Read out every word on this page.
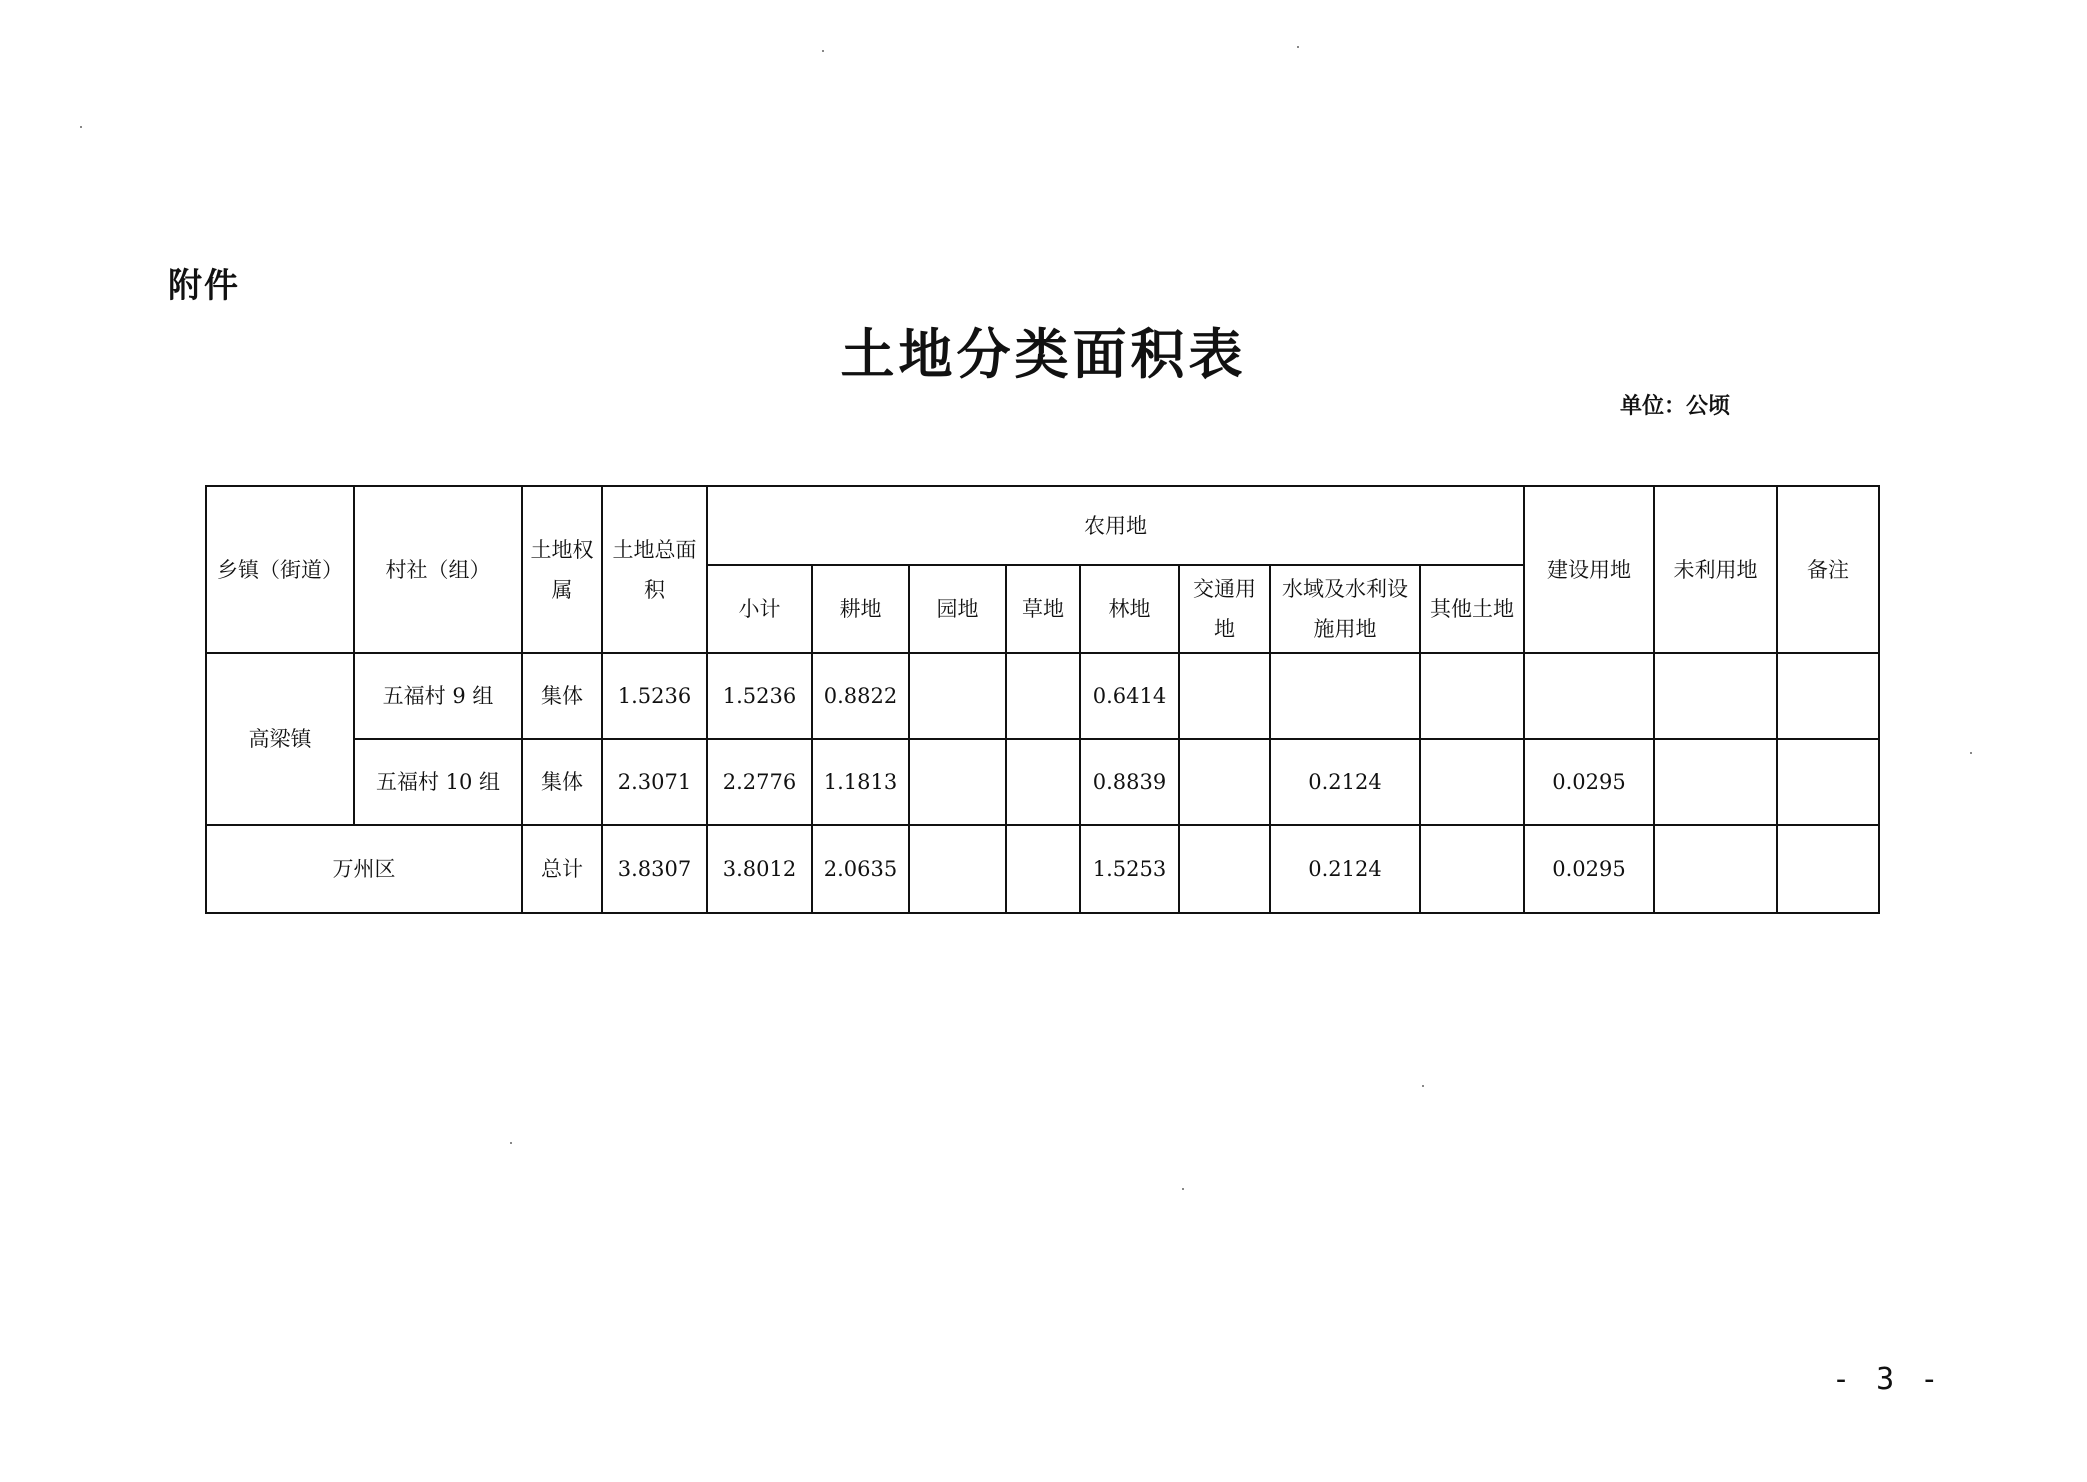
附件
土地分类面积表
单位：公顷
乡镇（街道）	村社（组）	土地权属	土地总面积	农用地								建设用地	未利用地	备注
				小计	耕地	园地	草地	林地	交通用地	水域及水利设施用地	其他土地			
高梁镇	五福村 9 组	集体	1.5236	1.5236	0.8822			0.6414						
	五福村 10 组	集体	2.3071	2.2776	1.1813			0.8839		0.2124		0.0295		
万州区		总计	3.8307	3.8012	2.0635			1.5253		0.2124		0.0295		
- 3 -
